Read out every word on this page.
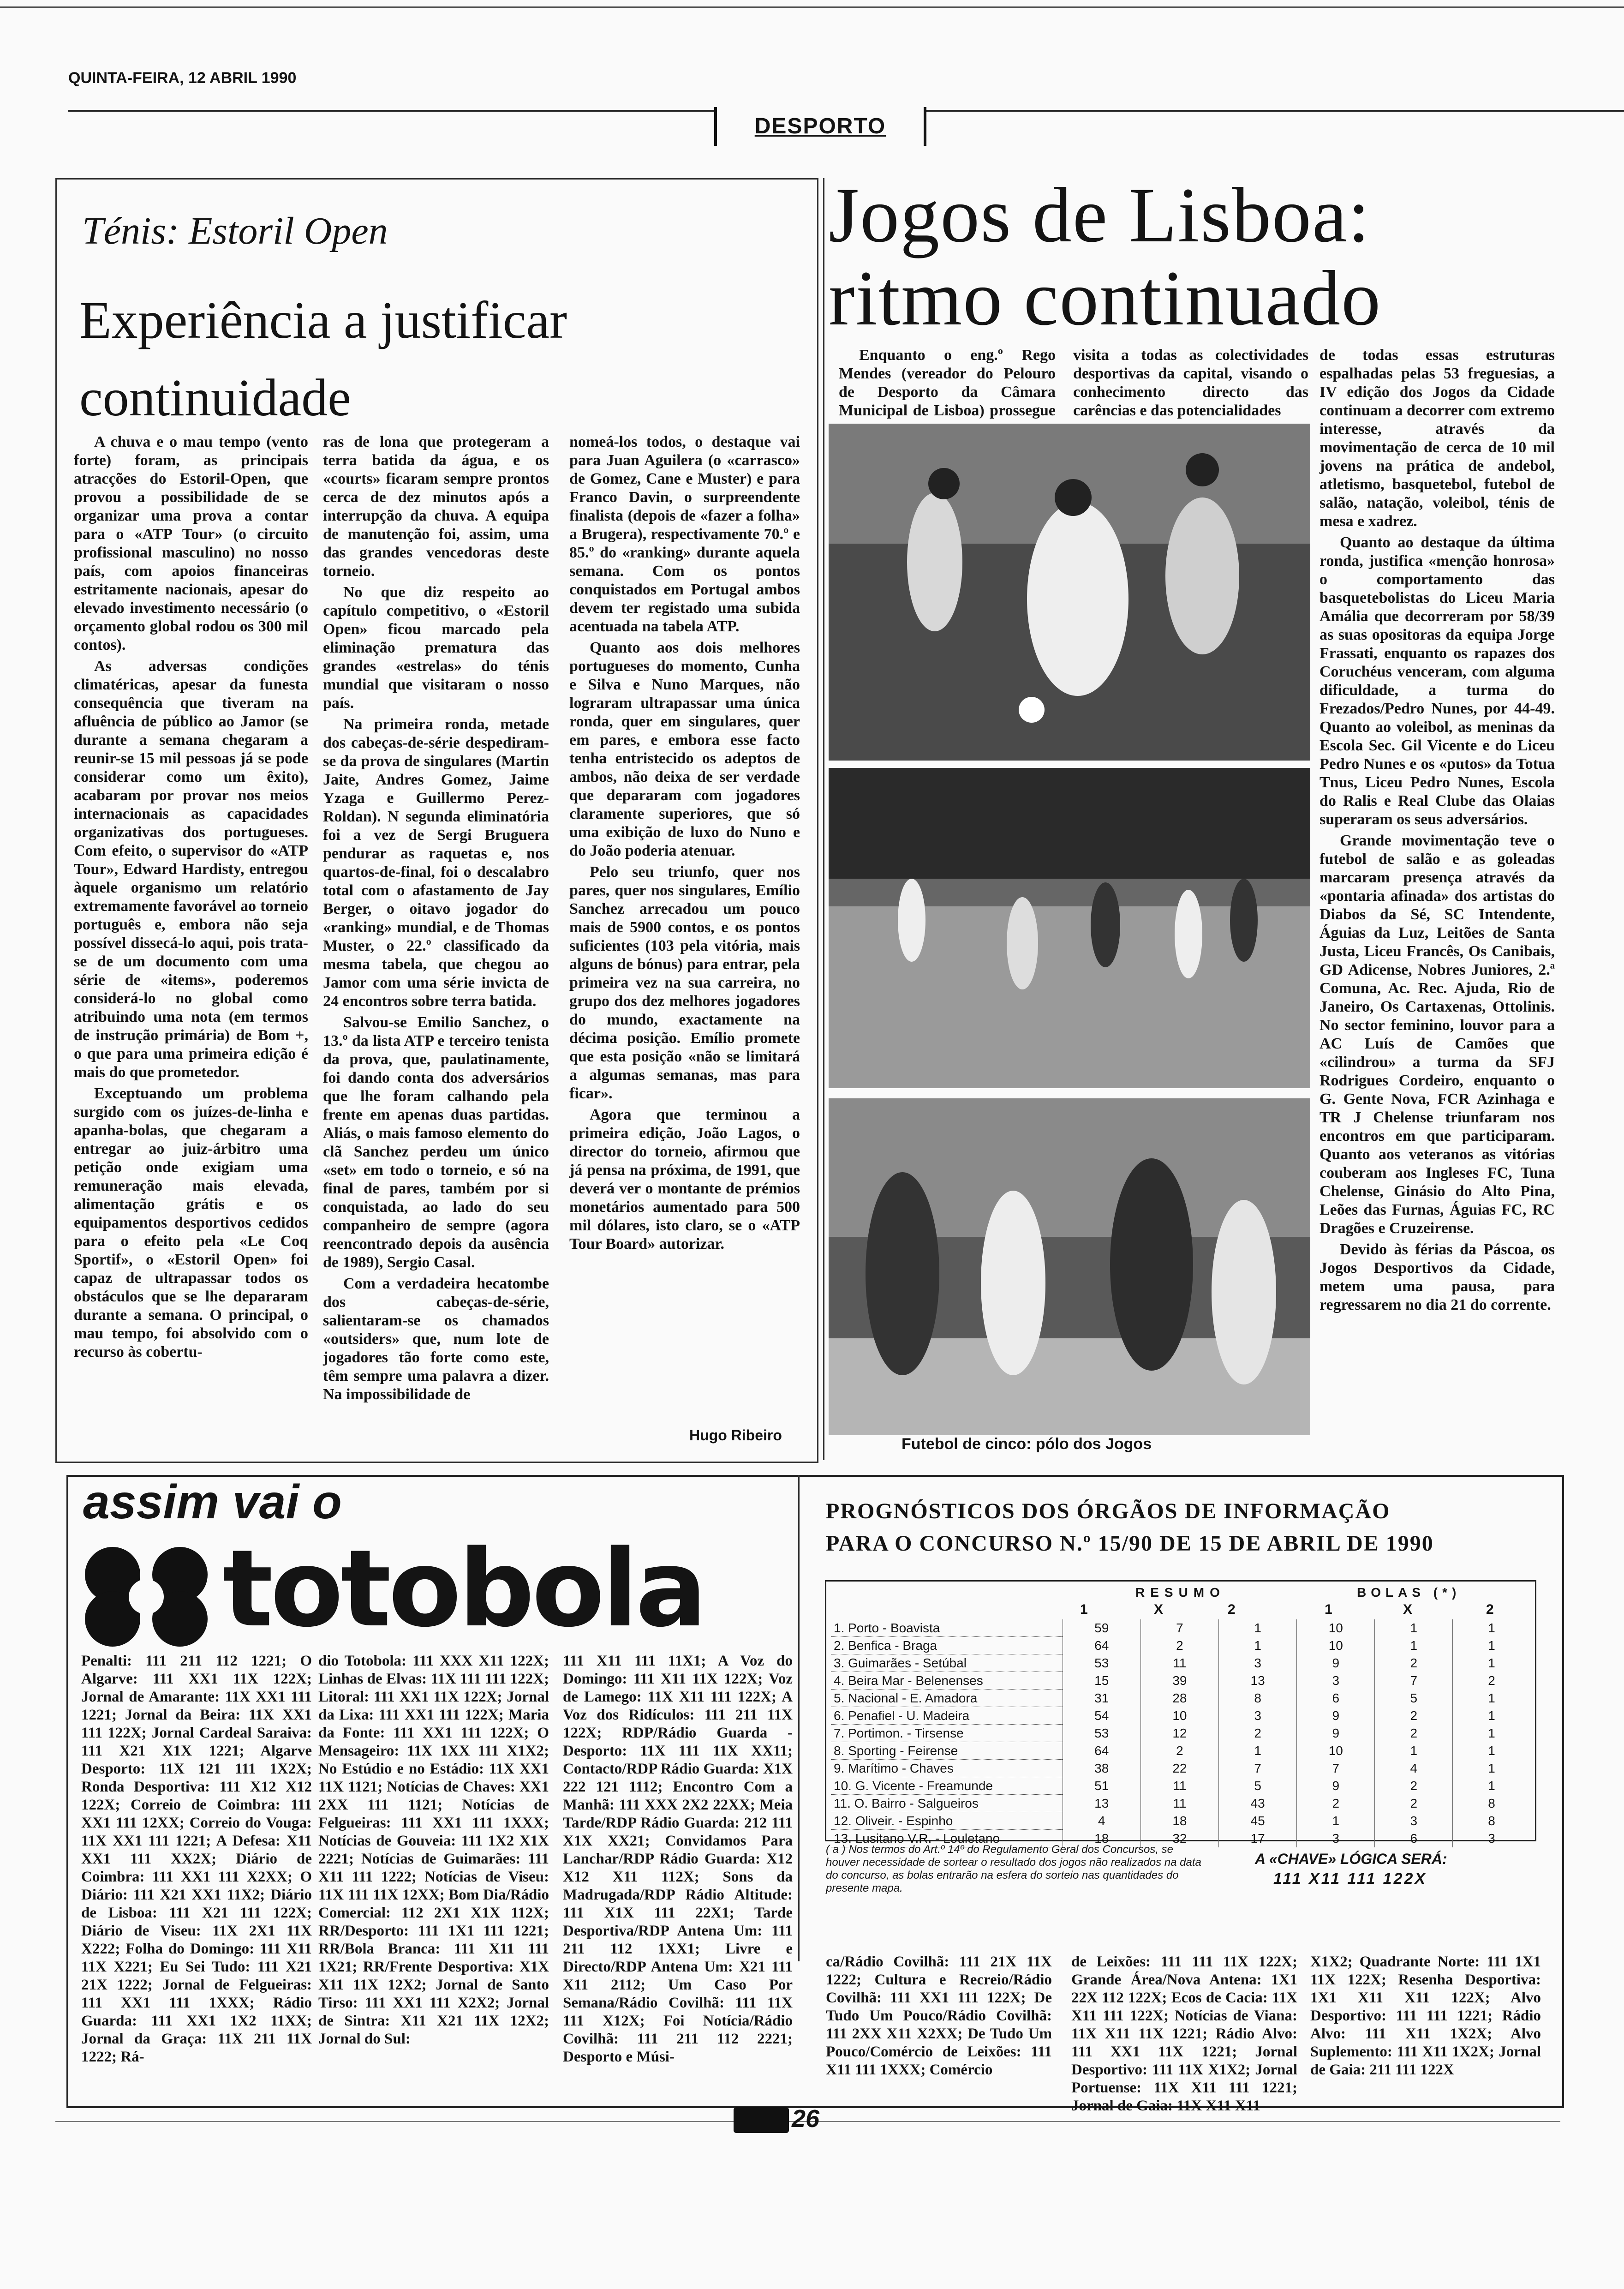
QUINTA-FEIRA, 12 ABRIL 1990
DESPORTO
Ténis: Estoril Open
Experiência a justificar
continuidade

A chuva e o mau tempo (vento forte) foram, as principais atracções do Estoril-Open, que provou a possibilidade de se organizar uma prova a contar para o «ATP Tour» (o circuito profissional masculino) no nosso país, com apoios financeiras estritamente nacionais, apesar do elevado investimento necessário (o orçamento global rodou os 300 mil contos).

As adversas condições climatéricas, apesar da funesta consequência que tiveram na afluência de público ao Jamor (se durante a semana chegaram a reunir-se 15 mil pessoas já se pode considerar como um êxito), acabaram por provar nos meios internacionais as capacidades organizativas dos portugueses. Com efeito, o supervisor do «ATP Tour», Edward Hardisty, entregou àquele organismo um relatório extremamente favorável ao torneio português e, embora não seja possível dissecá-lo aqui, pois trata-se de um documento com uma série de «items», poderemos considerá-lo no global como atribuindo uma nota (em termos de instrução primária) de Bom +, o que para uma primeira edição é mais do que prometedor.

Exceptuando um problema surgido com os juízes-de-linha e apanha-bolas, que chegaram a entregar ao juiz-árbitro uma petição onde exigiam uma remuneração mais elevada, alimentação grátis e os equipamentos desportivos cedidos para o efeito pela «Le Coq Sportif», o «Estoril Open» foi capaz de ultrapassar todos os obstáculos que se lhe depararam durante a semana. O principal, o mau tempo, foi absolvido com o recurso às cobertu-

ras de lona que protegeram a terra batida da água, e os «courts» ficaram sempre prontos cerca de dez minutos após a interrupção da chuva. A equipa de manutenção foi, assim, uma das grandes vencedoras deste torneio.

No que diz respeito ao capítulo competitivo, o «Estoril Open» ficou marcado pela eliminação prematura das grandes «estrelas» do ténis mundial que visitaram o nosso país.

Na primeira ronda, metade dos cabeças-de-série despediram-se da prova de singulares (Martin Jaite, Andres Gomez, Jaime Yzaga e Guillermo Perez-Roldan). N segunda eliminatória foi a vez de Sergi Bruguera pendurar as raquetas e, nos quartos-de-final, foi o descalabro total com o afastamento de Jay Berger, o oitavo jogador do «ranking» mundial, e de Thomas Muster, o 22.º classificado da mesma tabela, que chegou ao Jamor com uma série invicta de 24 encontros sobre terra batida.

Salvou-se Emilio Sanchez, o 13.º da lista ATP e terceiro tenista da prova, que, paulatinamente, foi dando conta dos adversários que lhe foram calhando pela frente em apenas duas partidas. Aliás, o mais famoso elemento do clã Sanchez perdeu um único «set» em todo o torneio, e só na final de pares, também por si conquistada, ao lado do seu companheiro de sempre (agora reencontrado depois da ausência de 1989), Sergio Casal.

Com a verdadeira hecatombe dos cabeças-de-série, salientaram-se os chamados «outsiders» que, num lote de jogadores tão forte como este, têm sempre uma palavra a dizer. Na impossibilidade de

nomeá-los todos, o destaque vai para Juan Aguilera (o «carrasco» de Gomez, Cane e Muster) e para Franco Davin, o surpreendente finalista (depois de «fazer a folha» a Brugera), respectivamente 70.º e 85.º do «ranking» durante aquela semana. Com os pontos conquistados em Portugal ambos devem ter registado uma subida acentuada na tabela ATP.

Quanto aos dois melhores portugueses do momento, Cunha e Silva e Nuno Marques, não lograram ultrapassar uma única ronda, quer em singulares, quer em pares, e embora esse facto tenha entristecido os adeptos de ambos, não deixa de ser verdade que depararam com jogadores claramente superiores, que só uma exibição de luxo do Nuno e do João poderia atenuar.

Pelo seu triunfo, quer nos pares, quer nos singulares, Emílio Sanchez arrecadou um pouco mais de 5900 contos, e os pontos suficientes (103 pela vitória, mais alguns de bónus) para entrar, pela primeira vez na sua carreira, no grupo dos dez melhores jogadores do mundo, exactamente na décima posição. Emílio promete que esta posição «não se limitará a algumas semanas, mas para ficar».

Agora que terminou a primeira edição, João Lagos, o director do torneio, afirmou que já pensa na próxima, de 1991, que deverá ver o montante de prémios monetários aumentado para 500 mil dólares, isto claro, se o «ATP Tour Board» autorizar.

Hugo Ribeiro
Jogos de Lisboa:
ritmo continuado

Enquanto o eng.º Rego Mendes (vereador do Pelouro de Desporto da Câmara Municipal de Lisboa) prossegue

visita a todas as colectividades desportivas da capital, visando o conhecimento directo das carências e das potencialidades

Futebol de cinco: pólo dos Jogos

de todas essas estruturas espalhadas pelas 53 freguesias, a IV edição dos Jogos da Cidade continuam a decorrer com extremo interesse, através da movimentação de cerca de 10 mil jovens na prática de andebol, atletismo, basquetebol, futebol de salão, natação, voleibol, ténis de mesa e xadrez.

Quanto ao destaque da última ronda, justifica «menção honrosa» o comportamento das basquetebolistas do Liceu Maria Amália que decorreram por 58/39 as suas opositoras da equipa Jorge Frassati, enquanto os rapazes dos Coruchéus venceram, com alguma dificuldade, a turma do Frezados/Pedro Nunes, por 44-49. Quanto ao voleibol, as meninas da Escola Sec. Gil Vicente e do Liceu Pedro Nunes e os «putos» da Totua Tnus, Liceu Pedro Nunes, Escola do Ralis e Real Clube das Olaias superaram os seus adversários.

Grande movimentação teve o futebol de salão e as goleadas marcaram presença através da «pontaria afinada» dos artistas do Diabos da Sé, SC Intendente, Águias da Luz, Leitões de Santa Justa, Liceu Francês, Os Canibais, GD Adicense, Nobres Juniores, 2.ª Comuna, Ac. Rec. Ajuda, Rio de Janeiro, Os Cartaxenas, Ottolinis. No sector feminino, louvor para a AC Luís de Camões que «cilindrou» a turma da SFJ Rodrigues Cordeiro, enquanto o G. Gente Nova, FCR Azinhaga e TR J Chelense triunfaram nos encontros em que participaram. Quanto aos veteranos as vitórias couberam aos Ingleses FC, Tuna Chelense, Ginásio do Alto Pina, Leões das Furnas, Águias FC, RC Dragões e Cruzeirense.

Devido às férias da Páscoa, os Jogos Desportivos da Cidade, metem uma pausa, para regressarem no dia 21 do corrente.

assim vai o
totobola

Penalti: 111 211 112 1221; O Algarve: 111 XX1 11X 122X; Jornal de Amarante: 11X XX1 111 1221; Jornal da Beira: 11X XX1 111 122X; Jornal Cardeal Saraiva: 111 X21 X1X 1221; Algarve Desporto: 11X 121 111 1X2X; Ronda Desportiva: 111 X12 X12 122X; Correio de Coimbra: 111 XX1 111 12XX; Correio do Vouga: 11X XX1 111 1221; A Defesa: X11 XX1 111 XX2X; Diário de Coimbra: 111 XX1 111 X2XX; O Diário: 111 X21 XX1 11X2; Diário de Lisboa: 111 X21 111 122X; Diário de Viseu: 11X 2X1 11X X222; Folha do Domingo: 111 X11 11X X221; Eu Sei Tudo: 111 X21 21X 1222; Jornal de Felgueiras: 111 XX1 111 1XXX; Rádio Guarda: 111 XX1 1X2 11XX; Jornal da Graça: 11X 211 11X 1222; Rá-

dio Totobola: 111 XXX X11 122X; Linhas de Elvas: 11X 111 111 122X; Litoral: 111 XX1 11X 122X; Jornal da Lixa: 111 XX1 111 122X; Maria da Fonte: 111 XX1 111 122X; O Mensageiro: 11X 1XX 111 X1X2; No Estúdio e no Estádio: 11X XX1 11X 1121; Notícias de Chaves: XX1 2XX 111 1121; Notícias de Felgueiras: 111 XX1 111 1XXX; Notícias de Gouveia: 111 1X2 X1X 2221; Notícias de Guimarães: 111 X11 111 1222; Notícias de Viseu: 11X 111 11X 12XX; Bom Dia/Rádio Comercial: 112 2X1 X1X 112X; RR/Desporto: 111 1X1 111 1221; RR/Bola Branca: 111 X11 111 1X21; RR/Frente Desportiva: X1X X11 11X 12X2; Jornal de Santo Tirso: 111 XX1 111 X2X2; Jornal de Sintra: X11 X21 11X 12X2; Jornal do Sul:

111 X11 111 11X1; A Voz do Domingo: 111 X11 11X 122X; Voz de Lamego: 11X X11 111 122X; A Voz dos Ridículos: 111 211 11X 122X; RDP/Rádio Guarda - Desporto: 11X 111 11X XX11; Contacto/RDP Rádio Guarda: X1X 222 121 1112; Encontro Com a Manhã: 111 XXX 2X2 22XX; Meia Tarde/RDP Rádio Guarda: 212 111 X1X XX21; Convidamos Para Lanchar/RDP Rádio Guarda: X12 X12 X11 112X; Sons da Madrugada/RDP Rádio Altitude: 111 X1X 111 22X1; Tarde Desportiva/RDP Antena Um: 111 211 112 1XX1; Livre e Directo/RDP Antena Um: X21 111 X11 2112; Um Caso Por Semana/Rádio Covilhã: 111 11X 111 X12X; Foi Notícia/Rádio Covilhã: 111 211 112 2221; Desporto e Músi-

PROGNÓSTICOS DOS ÓRGÃOS DE INFORMAÇÃO
PARA O CONCURSO N.º 15/90 DE 15 DE ABRIL DE 1990
RESUMO	BOLAS (*)
1	X	2	1	X	2
1. Porto - Boavista	59	7	1	10	1	1
2. Benfica - Braga	64	2	1	10	1	1
3. Guimarães - Setúbal	53	11	3	9	2	1
4. Beira Mar - Belenenses	15	39	13	3	7	2
5. Nacional - E. Amadora	31	28	8	6	5	1
6. Penafiel - U. Madeira	54	10	3	9	2	1
7. Portimon. - Tirsense	53	12	2	9	2	1
8. Sporting - Feirense	64	2	1	10	1	1
9. Marítimo - Chaves	38	22	7	7	4	1
10. G. Vicente - Freamunde	51	11	5	9	2	1
11. O. Bairro - Salgueiros	13	11	43	2	2	8
12. Oliveir. - Espinho	4	18	45	1	3	8
13. Lusitano V.R. - Louletano	18	32	17	3	6	3
( a ) Nos termos do Art.º 14º do Regulamento Geral dos Concursos, se houver necessidade de sortear o resultado dos jogos não realizados na data do concurso, as bolas entrarão na esfera do sorteio nas quantidades do presente mapa.
A «CHAVE» LÓGICA SERÁ:
111 X11 111 122X

ca/Rádio Covilhã: 111 21X 11X 1222; Cultura e Recreio/Rádio Covilhã: 111 XX1 111 122X; De Tudo Um Pouco/Rádio Covilhã: 111 2XX X11 X2XX; De Tudo Um Pouco/Comércio de Leixões: 111 X11 111 1XXX; Comércio

de Leixões: 111 111 11X 122X; Grande Área/Nova Antena: 1X1 22X 112 122X; Ecos de Cacia: 11X X11 111 122X; Notícias de Viana: 11X X11 11X 1221; Rádio Alvo: 111 XX1 11X 1221; Jornal Desportivo: 111 11X X1X2; Jornal Portuense: 11X X11 111 1221; Jornal de Gaia: 11X X11 X11

X1X2; Quadrante Norte: 111 1X1 11X 122X; Resenha Desportiva: 1X1 X11 X11 122X; Alvo Desportivo: 111 111 1221; Rádio Alvo: 111 X11 1X2X; Alvo Suplemento: 111 X11 1X2X; Jornal de Gaia: 211 111 122X

26
